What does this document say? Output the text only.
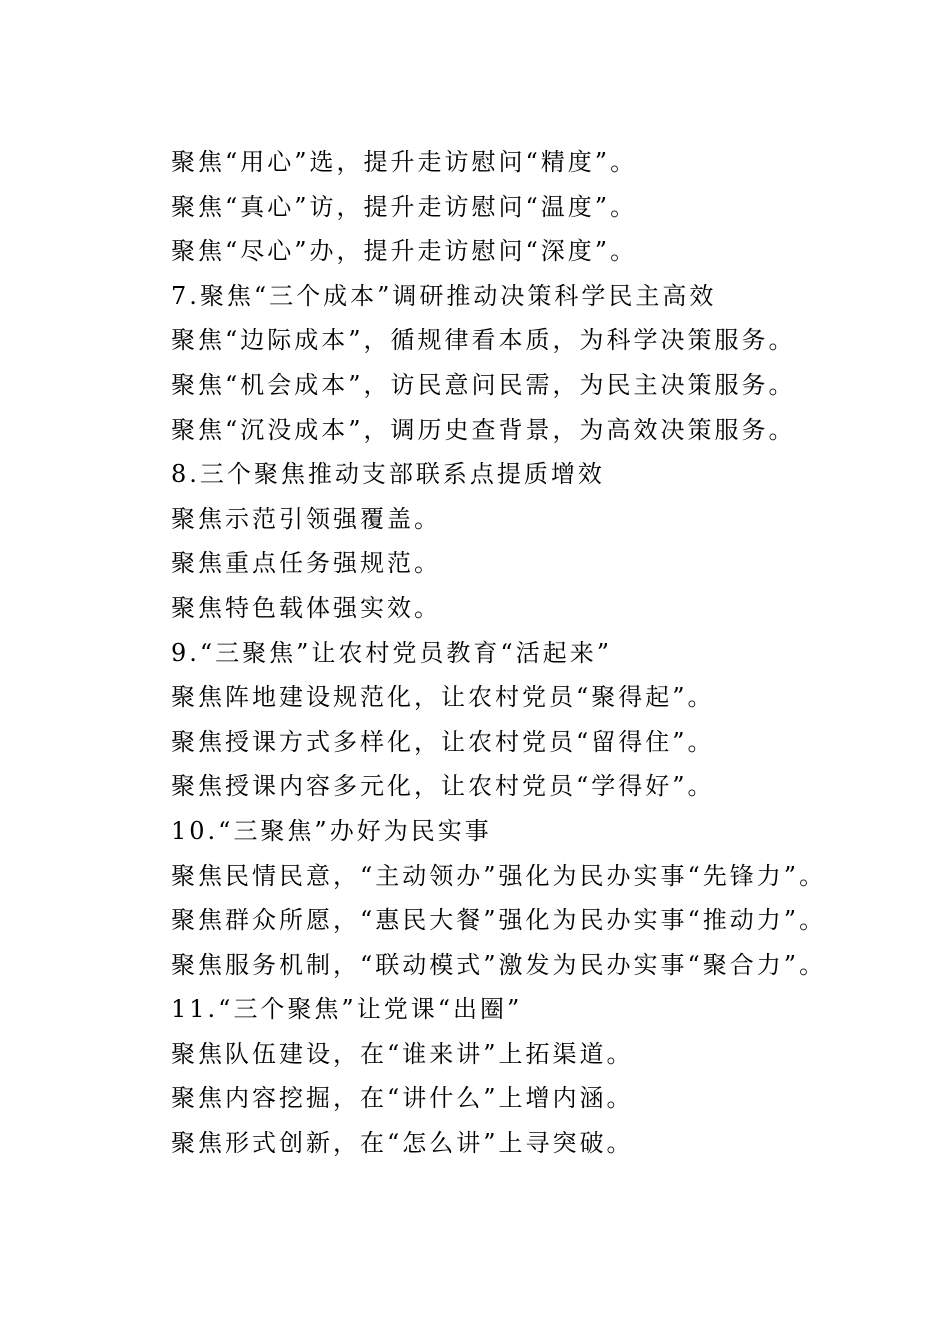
聚焦“用心”选，提升走访慰问“精度”。
聚焦“真心”访，提升走访慰问“温度”。
聚焦“尽心”办，提升走访慰问“深度”。
7.聚焦“三个成本”调研推动决策科学民主高效
聚焦“边际成本”，循规律看本质，为科学决策服务。
聚焦“机会成本”，访民意问民需，为民主决策服务。
聚焦“沉没成本”，调历史查背景，为高效决策服务。
8.三个聚焦推动支部联系点提质增效
聚焦示范引领强覆盖。
聚焦重点任务强规范。
聚焦特色载体强实效。
9.“三聚焦”让农村党员教育“活起来”
聚焦阵地建设规范化，让农村党员“聚得起”。
聚焦授课方式多样化，让农村党员“留得住”。
聚焦授课内容多元化，让农村党员“学得好”。
10.“三聚焦”办好为民实事
聚焦民情民意，“主动领办”强化为民办实事“先锋力”。
聚焦群众所愿，“惠民大餐”强化为民办实事“推动力”。
聚焦服务机制，“联动模式”激发为民办实事“聚合力”。
11.“三个聚焦”让党课“出圈”
聚焦队伍建设，在“谁来讲”上拓渠道。
聚焦内容挖掘，在“讲什么”上增内涵。
聚焦形式创新，在“怎么讲”上寻突破。
